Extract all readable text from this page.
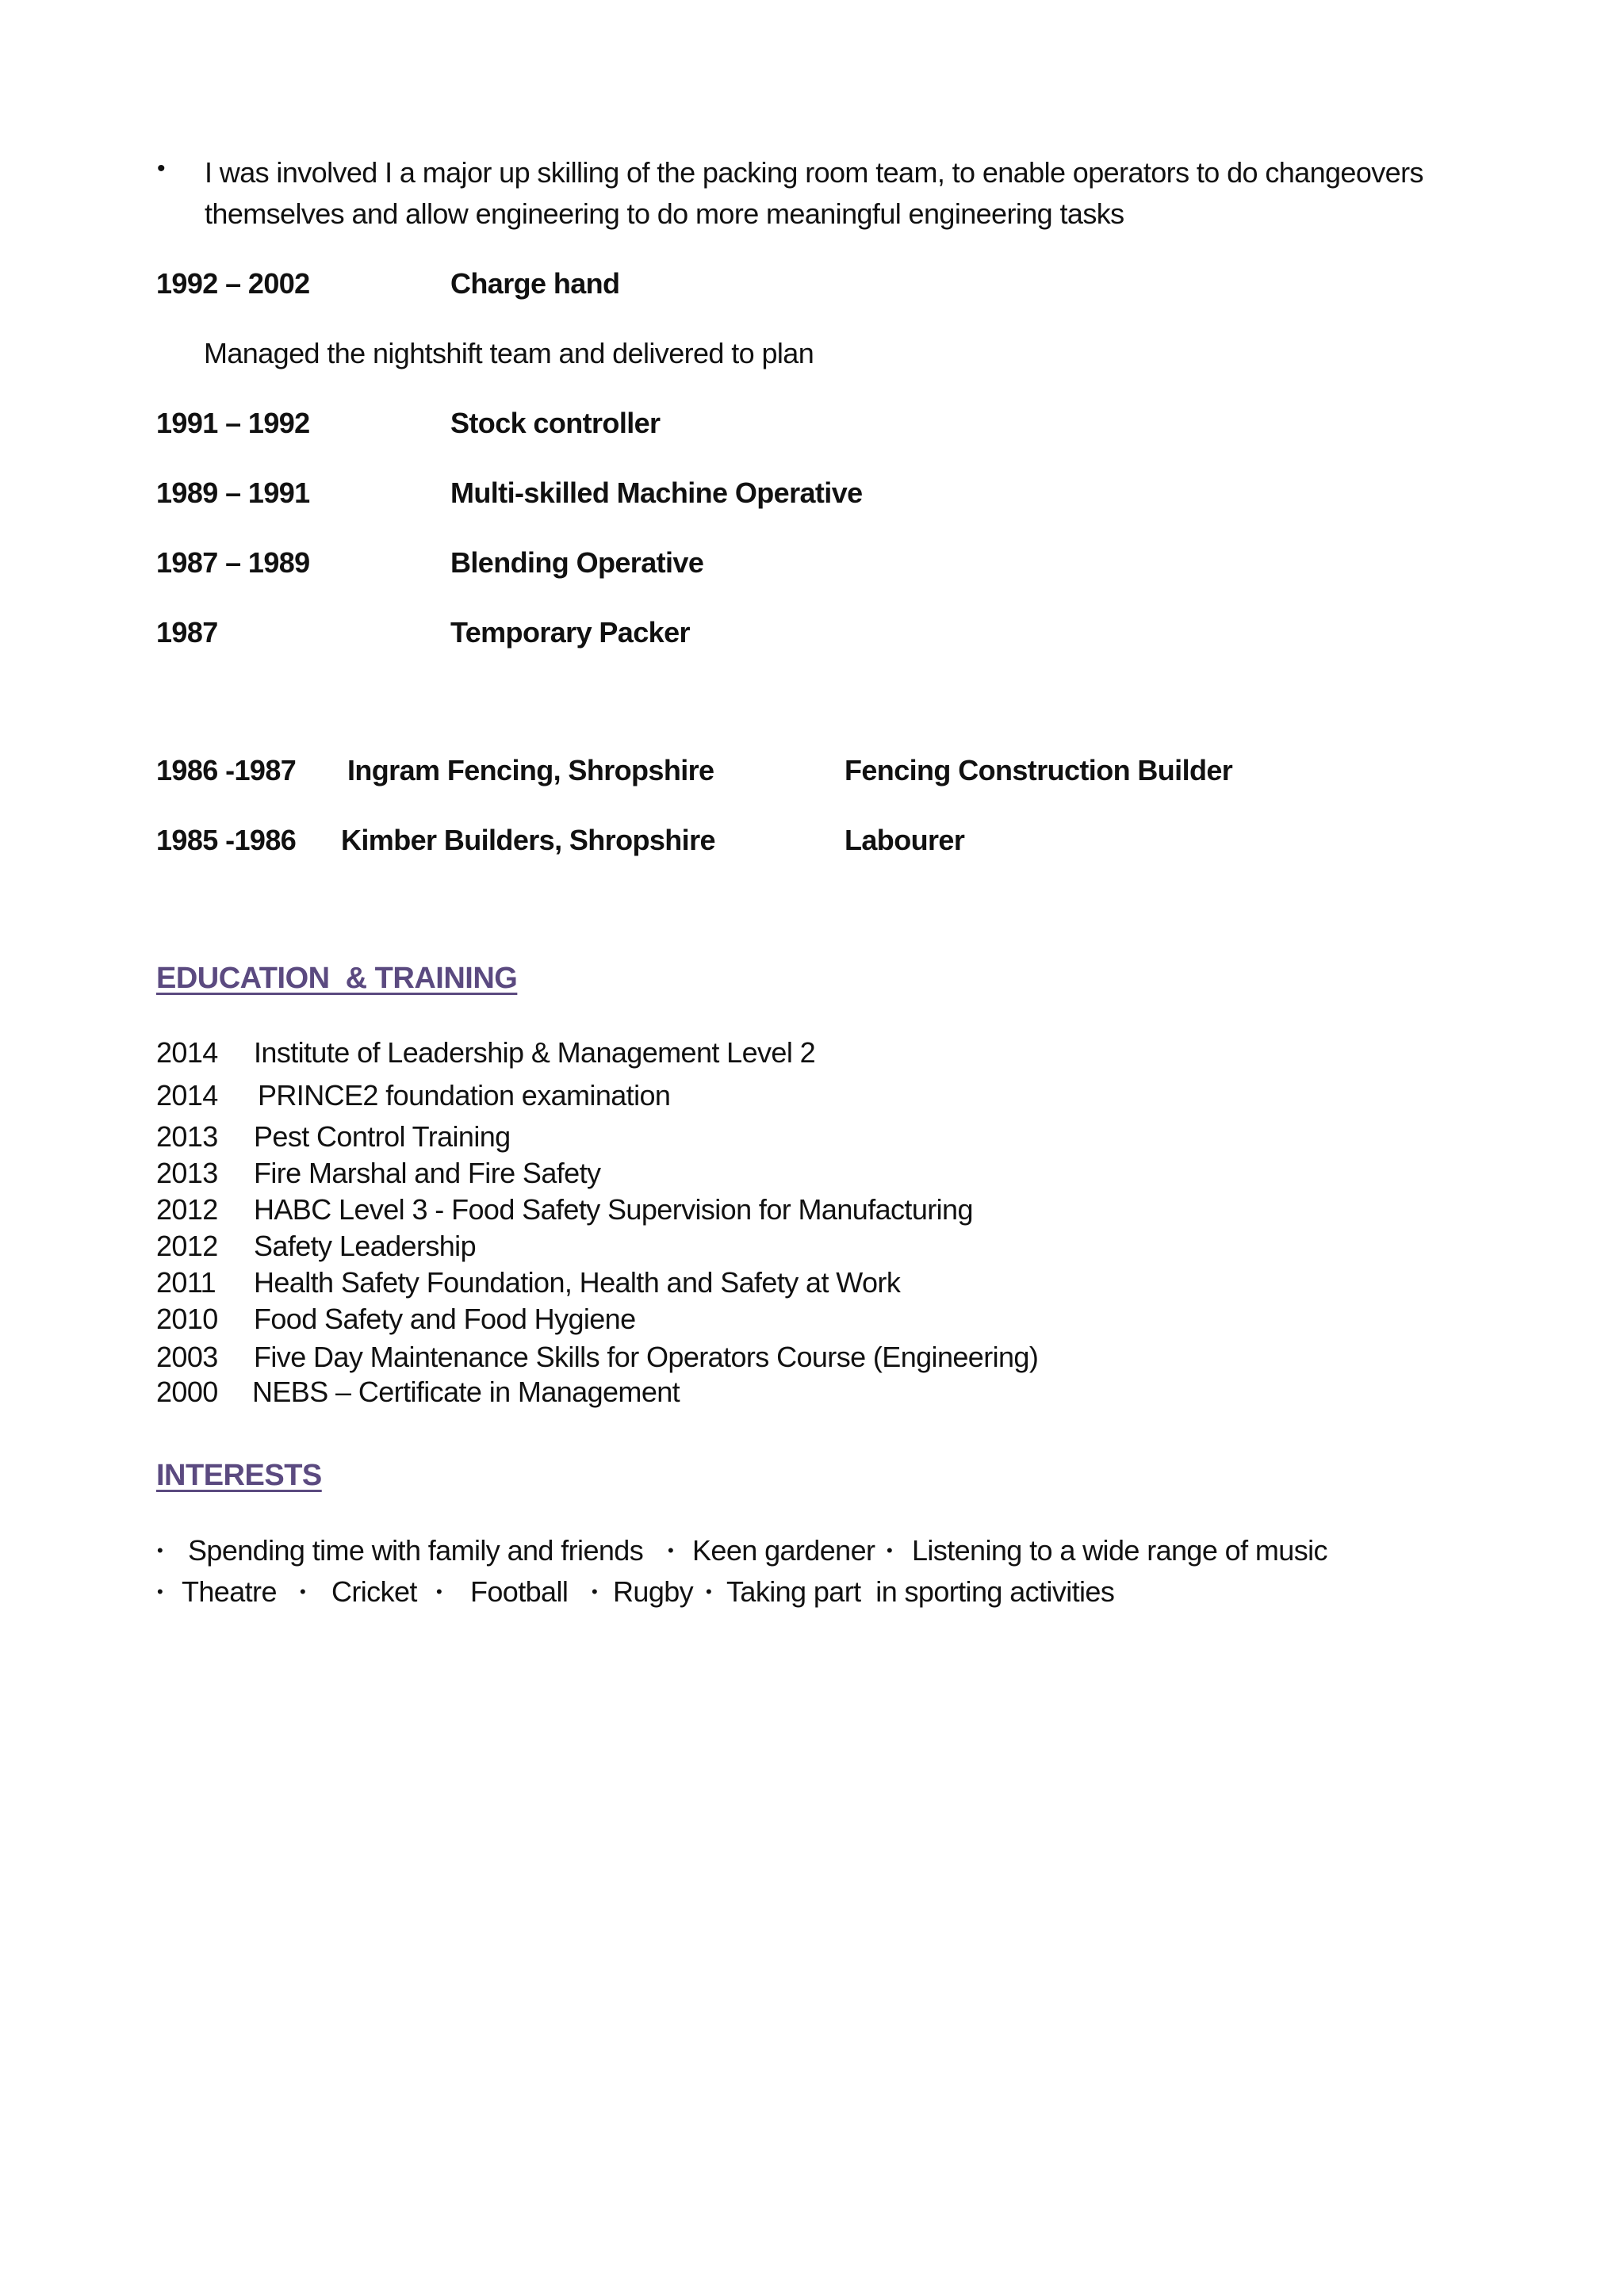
• I was involved I a major up skilling of the packing room team, to enable operators to do changeovers
themselves and allow engineering to do more meaningful engineering tasks
1992 – 2002	Charge hand
Managed the nightshift team and delivered to plan
1991 – 1992	Stock controller
1989 – 1991	Multi-skilled Machine Operative
1987 – 1989	Blending Operative
1987	Temporary Packer
1986 -1987 Ingram Fencing, Shropshire	Fencing Construction Builder
1985 -1986 Kimber Builders, Shropshire	Labourer
EDUCATION  & TRAINING
2014 Institute of Leadership & Management Level 2
2014 PRINCE2 foundation examination
2013 Pest Control Training
2013 Fire Marshal and Fire Safety
2012 HABC Level 3 - Food Safety Supervision for Manufacturing
2012 Safety Leadership
2011 Health Safety Foundation, Health and Safety at Work
2010 Food Safety and Food Hygiene
2003 Five Day Maintenance Skills for Operators Course (Engineering)
2000 NEBS – Certificate in Management
INTERESTS
• Spending time with family and friends • Keen gardener • Listening to a wide range of music
• Theatre • Cricket • Football • Rugby • Taking part  in sporting activities
